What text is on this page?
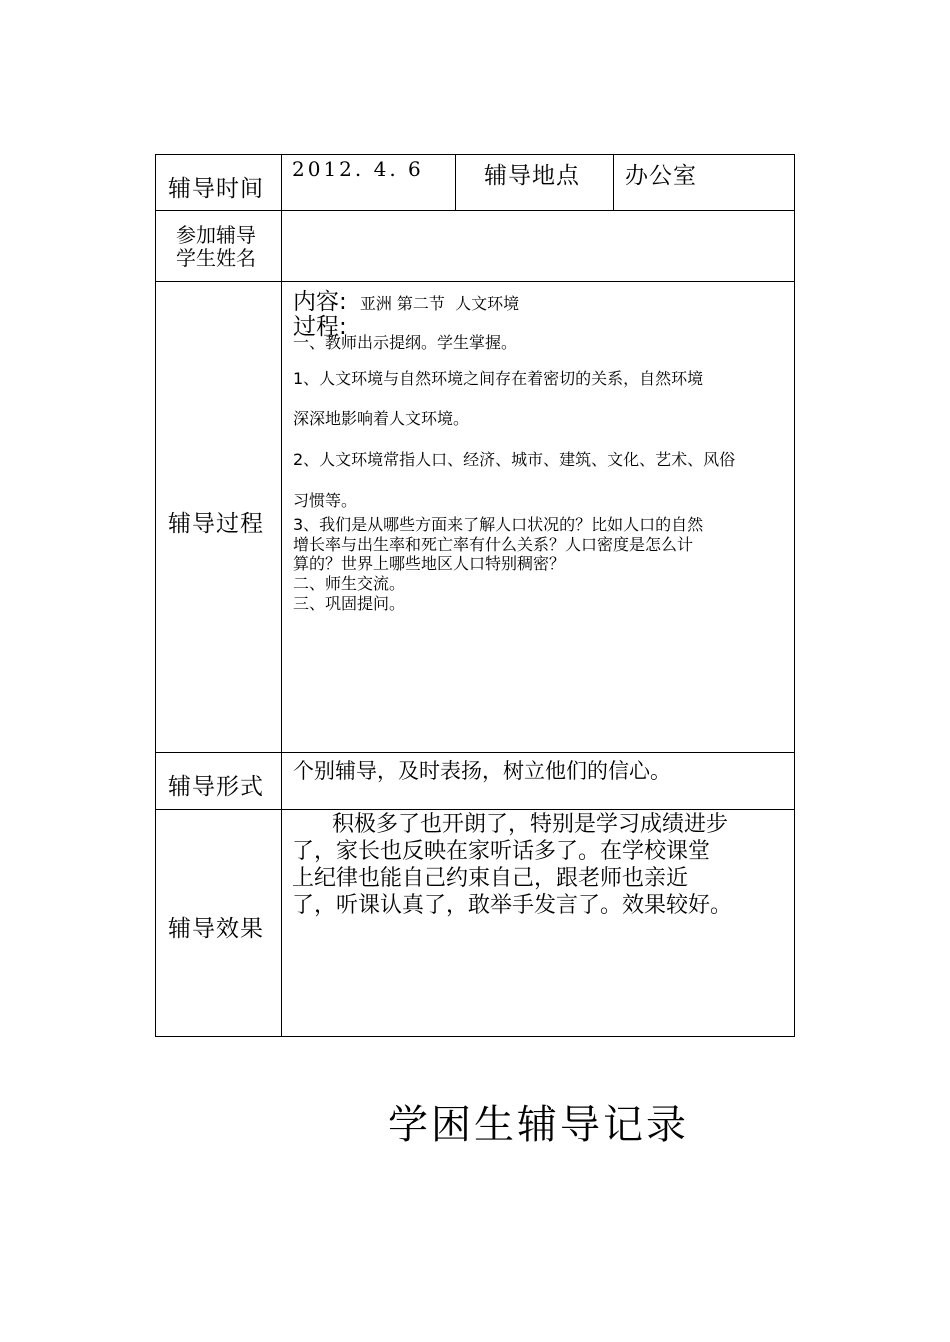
辅导时间
2012. 4. 6	辅导地点 办公室
参加辅导
学生姓名
辅导过程
内容: 亚洲 第二节  人文环境
过程:
一、教师出示提纲。学生掌握。
1、人文环境与自然环境之间存在着密切的关系，自然环境
深深地影响着人文环境。
2、人文环境常指人口、经济、城市、建筑、文化、艺术、风俗
习惯等。
3、我们是从哪些方面来了解人口状况的？比如人口的自然
增长率与出生率和死亡率有什么关系？人口密度是怎么计
算的？世界上哪些地区人口特别稠密？
二、师生交流。
三、巩固提问。
辅导形式
个别辅导，及时表扬，树立他们的信心。
辅导效果
积极多了也开朗了，特别是学习成绩进步
了，家长也反映在家听话多了。在学校课堂
上纪律也能自己约束自己，跟老师也亲近
了，听课认真了，敢举手发言了。效果较好。
学困生辅导记录
